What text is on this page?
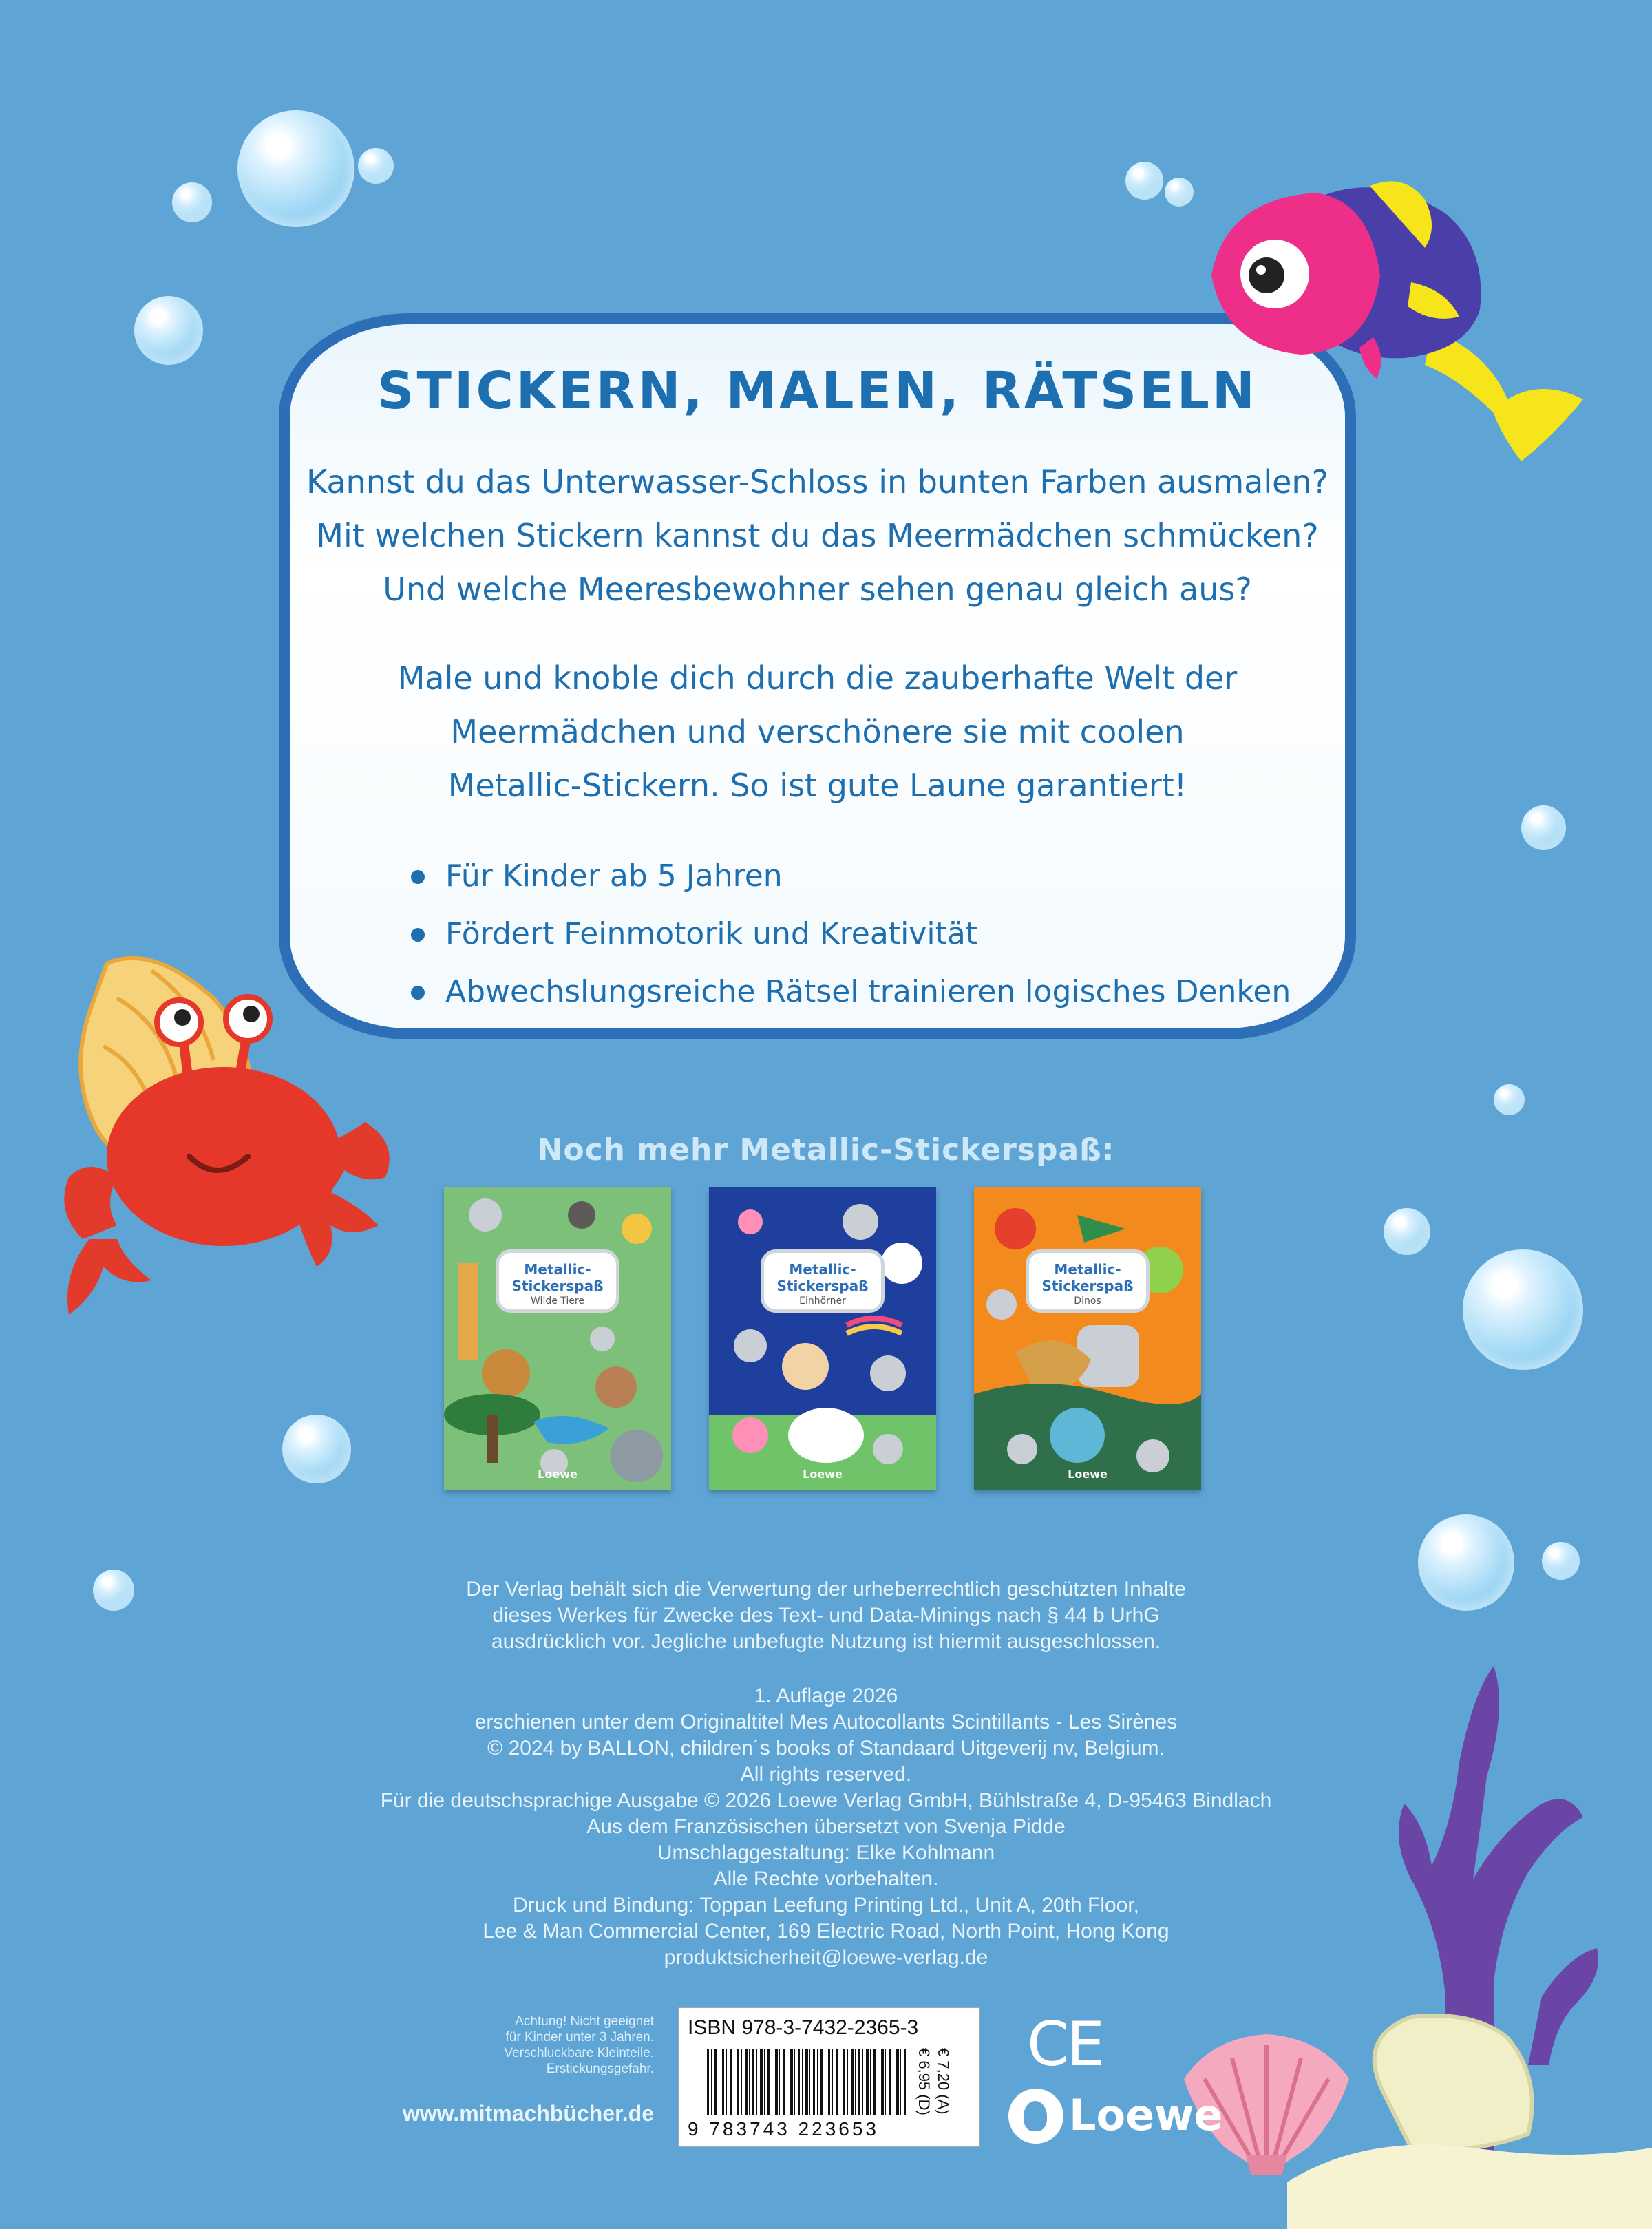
STICKERN, MALEN, RÄTSELN
Kannst du das Unterwasser-Schloss in bunten Farben ausmalen?
Mit welchen Stickern kannst du das Meermädchen schmücken?
Und welche Meeresbewohner sehen genau gleich aus?
Male und knoble dich durch die zauberhafte Welt der
Meermädchen und verschönere sie mit coolen
Metallic-Stickern. So ist gute Laune garantiert!
Für Kinder ab 5 Jahren
Fördert Feinmotorik und Kreativität
Abwechslungsreiche Rätsel trainieren logisches Denken
Noch mehr Metallic-Stickerspaß:
Metallic-Stickerspaß
Wilde Tiere
Loewe
Metallic-Stickerspaß
Einhörner
Loewe
Metallic-Stickerspaß
Dinos
Loewe
Der Verlag behält sich die Verwertung der urheberrechtlich geschützten Inhalte
dieses Werkes für Zwecke des Text- und Data-Minings nach § 44 b UrhG
ausdrücklich vor. Jegliche unbefugte Nutzung ist hiermit ausgeschlossen.
1. Auflage 2026
erschienen unter dem Originaltitel Mes Autocollants Scintillants - Les Sirènes
© 2024 by BALLON, children´s books of Standaard Uitgeverij nv, Belgium.
All rights reserved.
Für die deutschsprachige Ausgabe © 2026 Loewe Verlag GmbH, Bühlstraße 4, D-95463 Bindlach
Aus dem Französischen übersetzt von Svenja Pidde
Umschlaggestaltung: Elke Kohlmann
Alle Rechte vorbehalten.
Druck und Bindung: Toppan Leefung Printing Ltd., Unit A, 20th Floor,
Lee & Man Commercial Center, 169 Electric Road, North Point, Hong Kong
produktsicherheit@loewe-verlag.de
Achtung! Nicht geeignet
für Kinder unter 3 Jahren.
Verschluckbare Kleinteile.
Erstickungsgefahr.
www.mitmachbücher.de
ISBN 978-3-7432-2365-3
9 783743 223653
€ 6,95 (D) € 7,20 (A)
CE
Loewe
